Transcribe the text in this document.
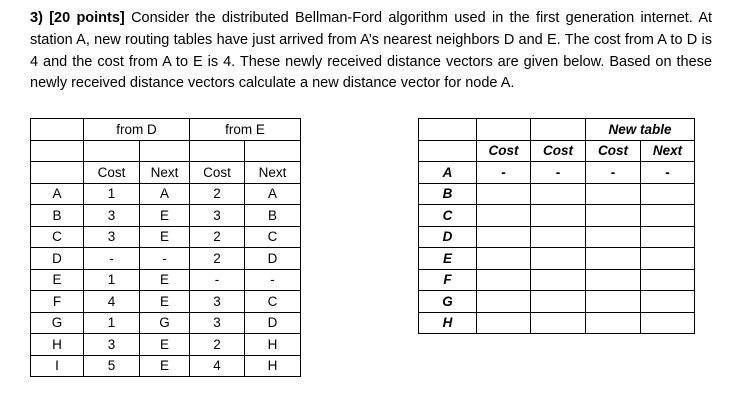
3) [20 points] Consider the distributed Bellman-Ford algorithm used in the first generation internet. At station A, new routing tables have just arrived from A’s nearest neighbors D and E. The cost from A to D is 4 and the cost from A to E is 4. These newly received distance vectors are given below. Based on these newly received distance vectors calculate a new distance vector for node A.
	from D		from E	

	Cost	Next	Cost	Next
A	1	A	2	A
B	3	E	3	B
C	3	E	2	C
D	-	-	2	D
E	1	E	-	-
F	4	E	3	C
G	1	G	3	D
H	3	E	2	H
I	5	E	4	H
			New table	
	Cost	Cost	Cost	Next
A	-	-	-	-
B				
C				
D				
E				
F				
G				
H				
